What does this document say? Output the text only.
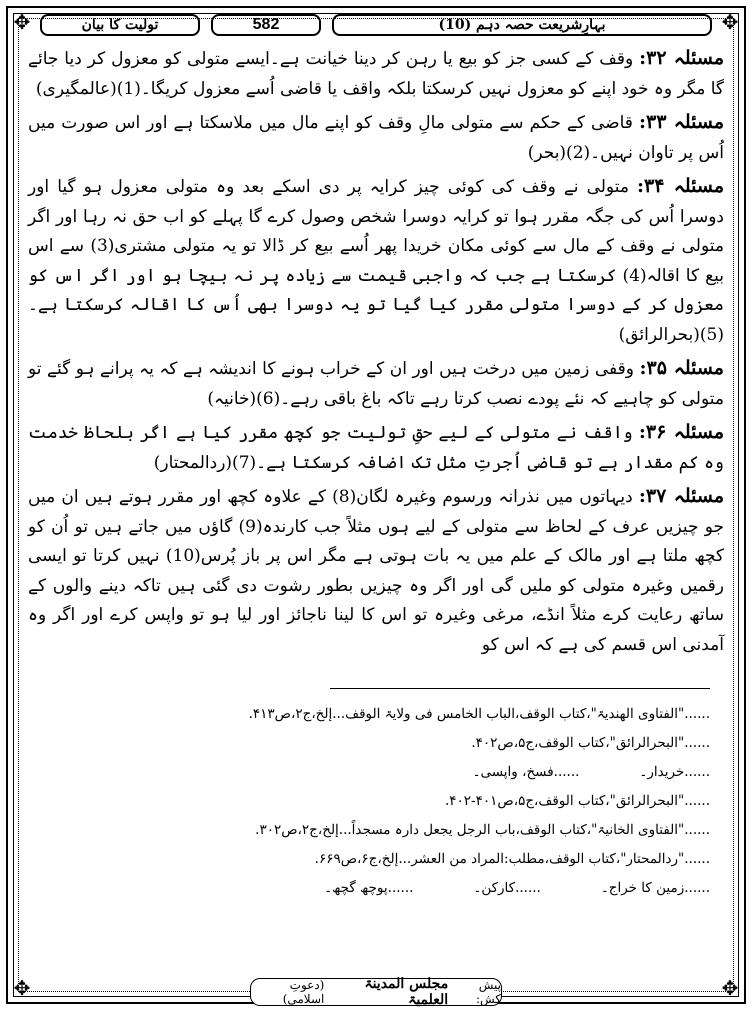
✥	✥
✥	✥
تولیت کا بیان	582	بہارِشریعت حصہ دہم (10)

مسئلہ ۳۲: وقف کے کسی جز کو بیع یا رہن کر دینا خیانت ہے۔ایسے متولی کو معزول کر دیا جائے گا مگر وہ خود اپنے کو معزول نہیں کرسکتا بلکہ واقف یا قاضی اُسے معزول کریگا۔(1)(عالمگیری)

مسئلہ ۳۳: قاضی کے حکم سے متولی مالِ وقف کو اپنے مال میں ملاسکتا ہے اور اس صورت میں اُس پر تاوان نہیں۔(2)(بحر)

مسئلہ ۳۴: متولی نے وقف کی کوئی چیز کرایہ پر دی اسکے بعد وہ متولی معزول ہو گیا اور دوسرا اُس کی جگہ مقرر ہوا تو کرایہ دوسرا شخص وصول کرے گا پہلے کو اب حق نہ رہا اور اگر متولی نے وقف کے مال سے کوئی مکان خریدا پھر اُسے بیع کر ڈالا تو یہ متولی مشتری(3) سے اس بیع کا اقالہ(4) کرسکتا ہے جب کہ واجبی قیمت سے زیادہ پر نہ بیچا ہو اور اگر اس کو معزول کر کے دوسرا متولی مقرر کیا گیا تو یہ دوسرا بھی اُس کا اقالہ کرسکتا ہے۔(5)(بحرالرائق)

مسئلہ ۳۵: وقفی زمین میں درخت ہیں اور ان کے خراب ہونے کا اندیشہ ہے کہ یہ پرانے ہو گئے تو متولی کو چاہیے کہ نئے پودے نصب کرتا رہے تاکہ باغ باقی رہے۔(6)(خانیہ)

مسئلہ ۳۶: واقف نے متولی کے لیے حقِ تولیت جو کچھ مقرر کیا ہے اگر بلحاظ خدمت وہ کم مقدار ہے تو قاضی اُجرتِ مثل تک اضافہ کرسکتا ہے۔(7)(ردالمحتار)

مسئلہ ۳۷: دیہاتوں میں نذرانہ ورسوم وغیرہ لگان(8) کے علاوہ کچھ اور مقرر ہوتے ہیں ان میں جو چیزیں عرف کے لحاظ سے متولی کے لیے ہوں مثلاً جب کارندہ(9) گاؤں میں جاتے ہیں تو اُن کو کچھ ملتا ہے اور مالک کے علم میں یہ بات ہوتی ہے مگر اس پر باز پُرس(10) نہیں کرتا تو ایسی رقمیں وغیرہ متولی کو ملیں گی اور اگر وہ چیزیں بطور رشوت دی گئی ہیں تاکہ دینے والوں کے ساتھ رعایت کرے مثلاً انڈے، مرغی وغیرہ تو اس کا لینا ناجائز اور لیا ہو تو واپس کرے اور اگر وہ آمدنی اس قسم کی ہے کہ اس کو

......"الفتاوی الھندیۃ"،کتاب الوقف،الباب الخامس فی ولایۃ الوقف...إلخ،ج۲،ص۴۱۳.
......"البحرالرائق"،کتاب الوقف،ج۵،ص۴۰۲.
......خریدار۔
......فسخ، واپسی۔
......"البحرالرائق"،کتاب الوقف،ج۵،ص۴۰۱-۴۰۲.
......"الفتاوی الخانیۃ"،کتاب الوقف،باب الرجل یجعل دارہ مسجداً...إلخ،ج۲،ص۳۰۲.
......"ردالمحتار"،کتاب الوقف،مطلب:المراد من العشر...إلخ،ج۶،ص۶۶۹.
......زمین کا خراج۔
......کارکن۔
......پوچھ گچھ۔
پیش کش:
مجلس المدینۃ العلمیۃ
(دعوتِ اسلامی)
